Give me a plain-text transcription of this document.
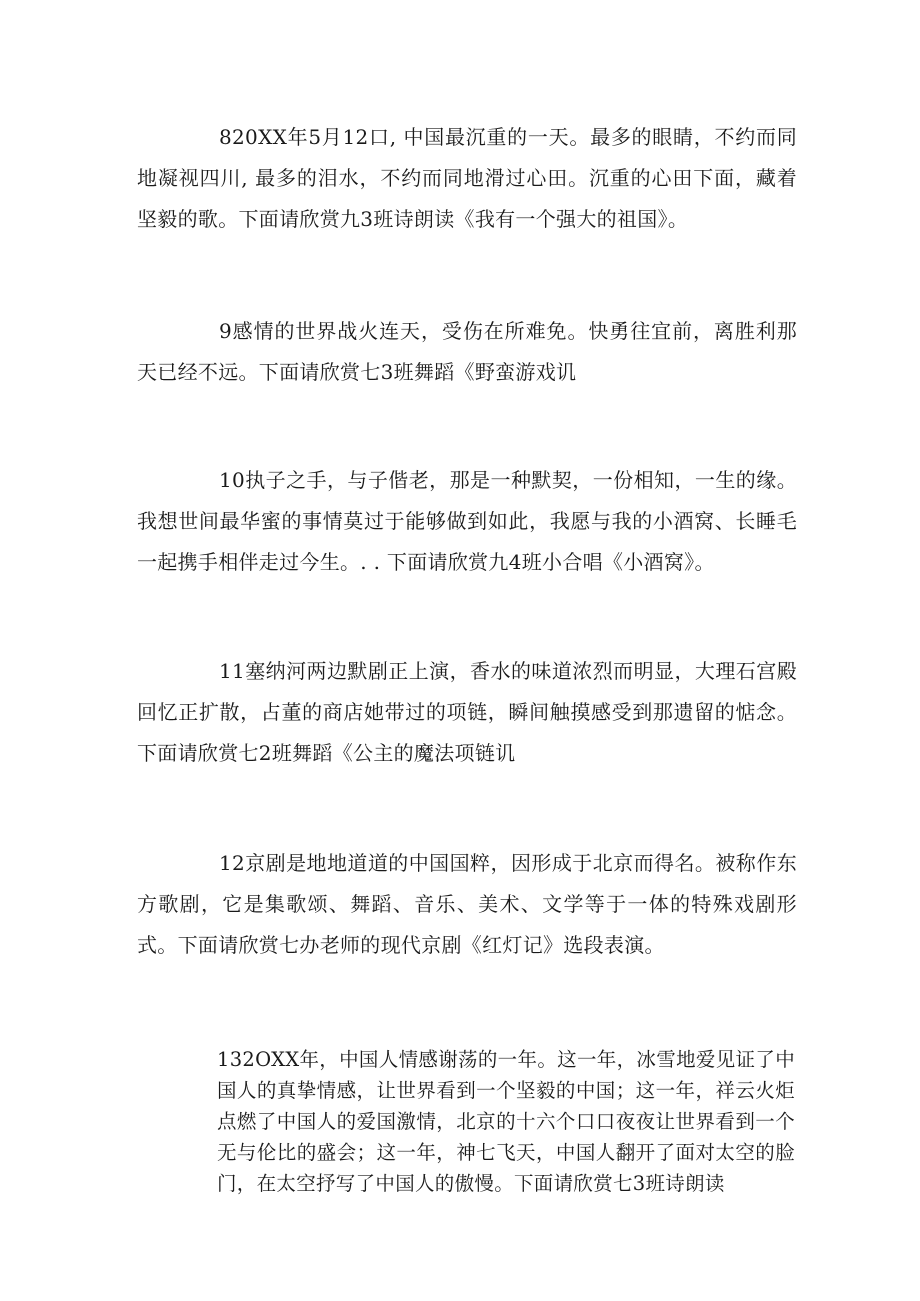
820XX年5月12口, 中国最沉重的一天。最多的眼睛，不约而同地凝视四川, 最多的泪水，不约而同地滑过心田。沉重的心田下面，藏着坚毅的歌。下面请欣赏九3班诗朗读《我有一个强大的祖国》。

9感情的世界战火连天，受伤在所难免。快勇往宜前，离胜利那天已经不远。下面请欣赏七3班舞蹈《野蛮游戏讥

10执子之手，与子偕老，那是一种默契，一份相知，一生的缘。我想世间最华蜜的事情莫过于能够做到如此，我愿与我的小酒窝、长睡毛一起携手相伴走过今生。. . 下面请欣赏九4班小合唱《小酒窝》。

11塞纳河两边默剧正上演，香水的味道浓烈而明显，大理石宫殿回忆正扩散，占董的商店她带过的项链，瞬间触摸感受到那遗留的惦念。下面请欣赏七2班舞蹈《公主的魔法项链讥

12京剧是地地道道的中国国粹，因形成于北京而得名。被称作东方歌剧，它是集歌颂、舞蹈、音乐、美术、文学等于一体的特殊戏剧形式。下面请欣赏七办老师的现代京剧《红灯记》选段表演。

132OXX年，中国人情感谢荡的一年。这一年，冰雪地爱见证了中国人的真挚情感，让世界看到一个坚毅的中国；这一年，祥云火炬点燃了中国人的爱国激情，北京的十六个口口夜夜让世界看到一个无与伦比的盛会；这一年，神七飞天，中国人翻开了面对太空的脸门，在太空抒写了中国人的傲慢。下面请欣赏七3班诗朗读
